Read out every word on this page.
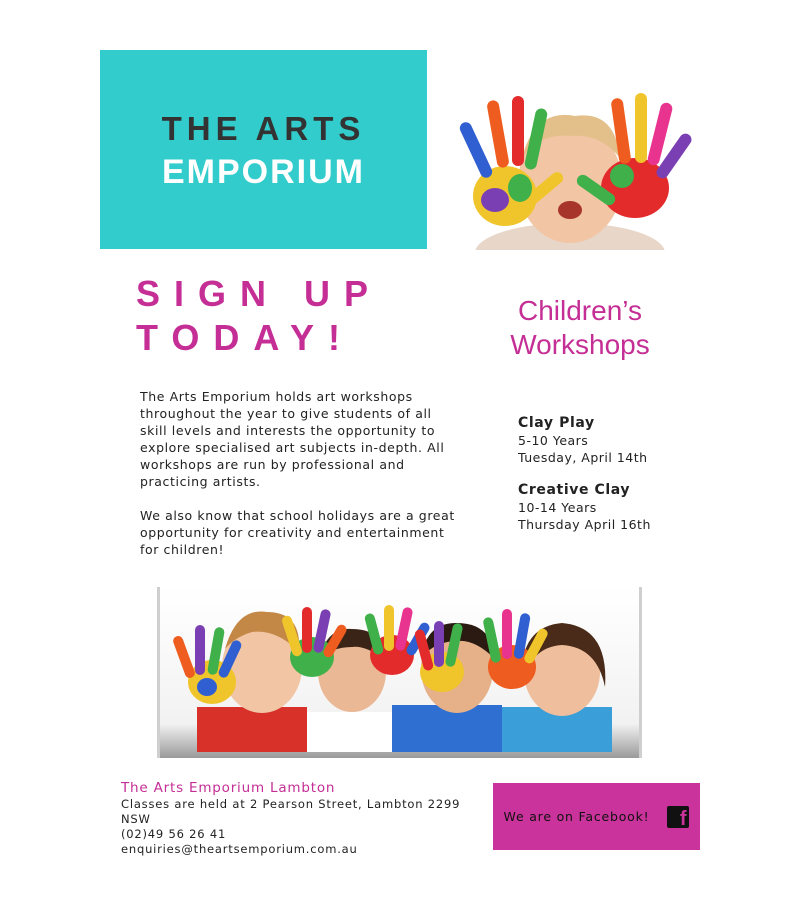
THE ARTS
EMPORIUM
SIGN UP
TODAY!
Children’s
Workshops

The Arts Emporium holds art workshops throughout the year to give students of all skill levels and interests the opportunity to explore specialised art subjects in-depth. All workshops are run by professional and practicing artists.

We also know that school holidays are a great opportunity for creativity and entertainment for children!

Clay Play
5-10 Years
Tuesday, April 14th
Creative Clay
10-14 Years
Thursday April 16th
The Arts Emporium Lambton
Classes are held at 2 Pearson Street, Lambton 2299 NSW
(02)49 56 26 41
enquiries@theartsemporium.com.au
We are on Facebook! f
